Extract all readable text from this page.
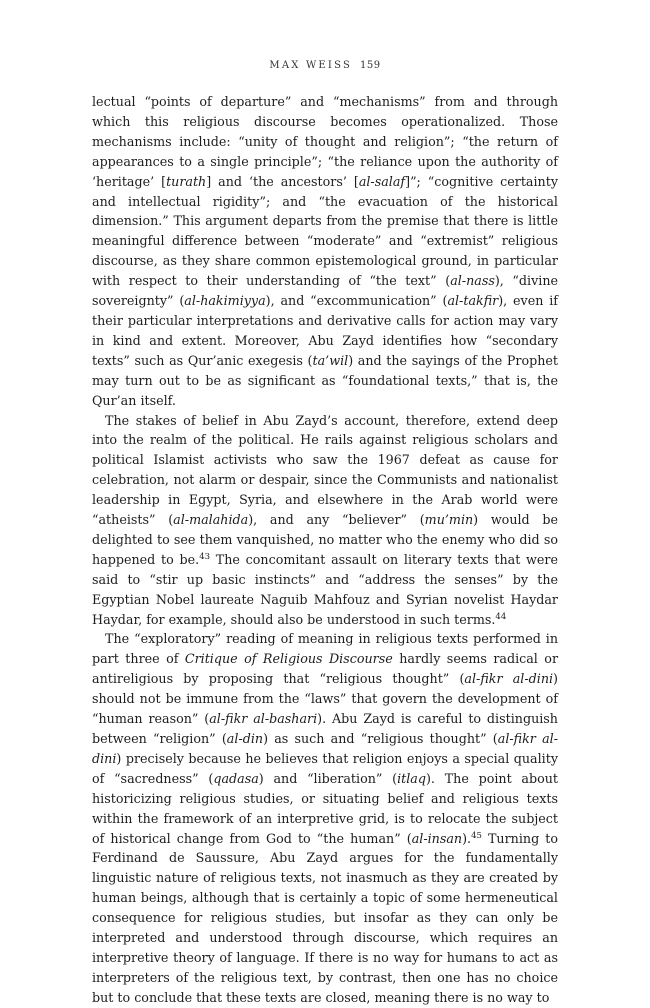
MAX WEISS 159

lectual “points of departure” and “mechanisms” from and through which this religious discourse becomes operationalized. Those mechanisms include: “unity of thought and religion”; “the return of appearances to a single principle”; “the reliance upon the authority of ‘heritage’ [turath] and ‘the ancestors’ [al-salaf]”; “cognitive certainty and intellectual rigidity”; and “the evacuation of the historical dimension.” This argument departs from the premise that there is little meaningful difference between “moderate” and “extremist” religious discourse, as they share common epistemological ground, in particular with respect to their understanding of “the text” (al-nass), “divine sovereignty” (al-hakimiyya), and “excommunication” (al-takfir), even if their particular interpretations and derivative calls for action may vary in kind and extent. Moreover, Abu Zayd identifies how “secondary texts” such as Qur’anic exegesis (ta’wil) and the sayings of the Prophet may turn out to be as significant as “foundational texts,” that is, the Qur’an itself.

The stakes of belief in Abu Zayd’s account, therefore, extend deep into the realm of the political. He rails against religious scholars and political Islamist activists who saw the 1967 defeat as cause for celebration, not alarm or despair, since the Communists and nationalist leadership in Egypt, Syria, and elsewhere in the Arab world were “atheists” (al-malahida), and any “believer” (mu’min) would be delighted to see them vanquished, no matter who the enemy who did so happened to be.$^{43}$ The concomitant assault on literary texts that were said to “stir up basic instincts” and “address the senses” by the Egyptian Nobel laureate Naguib Mahfouz and Syrian novelist Haydar Haydar, for example, should also be understood in such terms.$^{44}$

The “exploratory” reading of meaning in religious texts performed in part three of Critique of Religious Discourse hardly seems radical or antireligious by proposing that “religious thought” (al-fikr al-dini) should not be immune from the “laws” that govern the development of “human reason” (al-fikr al-bashari). Abu Zayd is careful to distinguish between “religion” (al-din) as such and “religious thought” (al-fikr al-dini) precisely because he believes that religion enjoys a special quality of “sacredness” (qadasa) and “liberation” (itlaq). The point about historicizing religious studies, or situating belief and religious texts within the framework of an interpretive grid, is to relocate the subject of historical change from God to “the human” (al-insan).$^{45}$ Turning to Ferdinand de Saussure, Abu Zayd argues for the fundamentally linguistic nature of religious texts, not inasmuch as they are created by human beings, although that is certainly a topic of some hermeneutical consequence for religious studies, but insofar as they can only be interpreted and understood through discourse, which requires an interpretive theory of language. If there is no way for humans to act as interpreters of the religious text, by contrast, then one has no choice but to conclude that these texts are closed, meaning there is no way to
